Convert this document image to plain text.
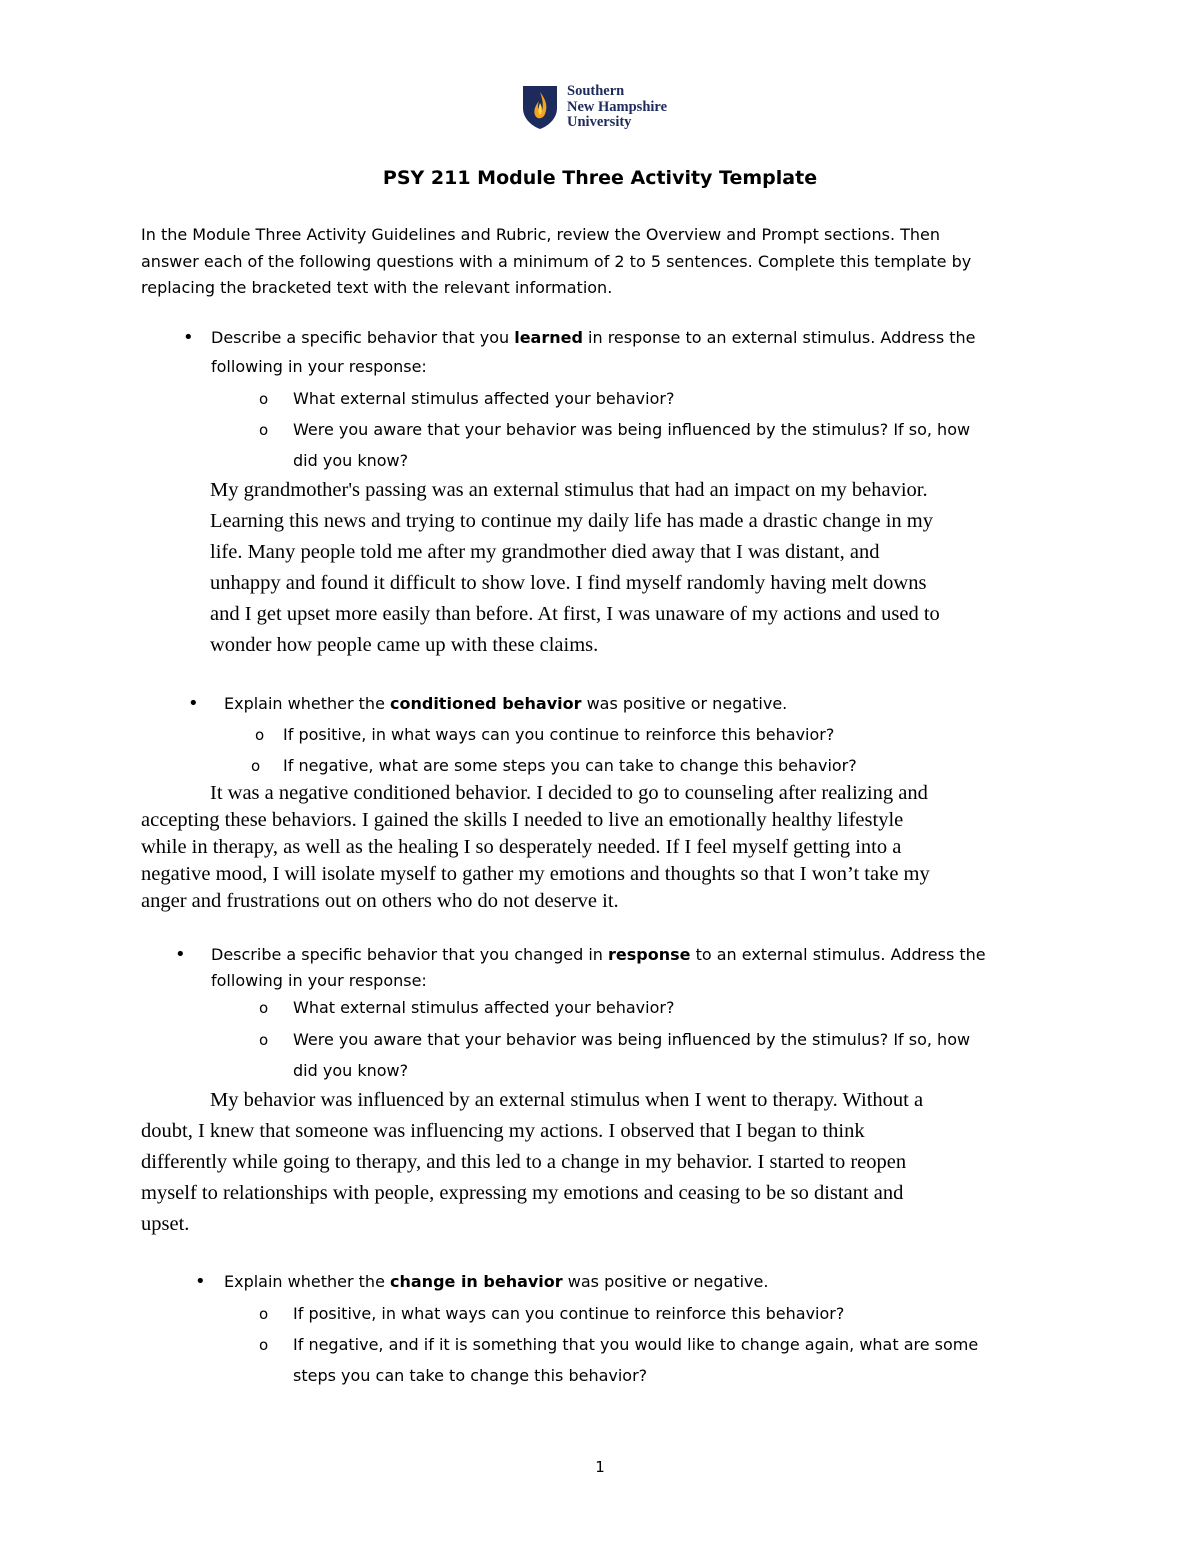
Southern
New Hampshire
University
PSY 211 Module Three Activity Template
In the Module Three Activity Guidelines and Rubric, review the Overview and Prompt sections. Then
answer each of the following questions with a minimum of 2 to 5 sentences. Complete this template by
replacing the bracketed text with the relevant information.
• Describe a specific behavior that you learned in response to an external stimulus. Address the
following in your response:
o What external stimulus affected your behavior?
o Were you aware that your behavior was being influenced by the stimulus? If so, how
did you know?
My grandmother's passing was an external stimulus that had an impact on my behavior.
Learning this news and trying to continue my daily life has made a drastic change in my
life. Many people told me after my grandmother died away that I was distant, and
unhappy and found it difficult to show love. I find myself randomly having melt downs
and I get upset more easily than before. At first, I was unaware of my actions and used to
wonder how people came up with these claims.
• Explain whether the conditioned behavior was positive or negative.
o If positive, in what ways can you continue to reinforce this behavior?
o If negative, what are some steps you can take to change this behavior?
It was a negative conditioned behavior. I decided to go to counseling after realizing and
accepting these behaviors. I gained the skills I needed to live an emotionally healthy lifestyle
while in therapy, as well as the healing I so desperately needed. If I feel myself getting into a
negative mood, I will isolate myself to gather my emotions and thoughts so that I won’t take my
anger and frustrations out on others who do not deserve it.
• Describe a specific behavior that you changed in response to an external stimulus. Address the
following in your response:
o What external stimulus affected your behavior?
o Were you aware that your behavior was being influenced by the stimulus? If so, how
did you know?
My behavior was influenced by an external stimulus when I went to therapy. Without a
doubt, I knew that someone was influencing my actions. I observed that I began to think
differently while going to therapy, and this led to a change in my behavior. I started to reopen
myself to relationships with people, expressing my emotions and ceasing to be so distant and
upset.
• Explain whether the change in behavior was positive or negative.
o If positive, in what ways can you continue to reinforce this behavior?
o If negative, and if it is something that you would like to change again, what are some
steps you can take to change this behavior?
1
